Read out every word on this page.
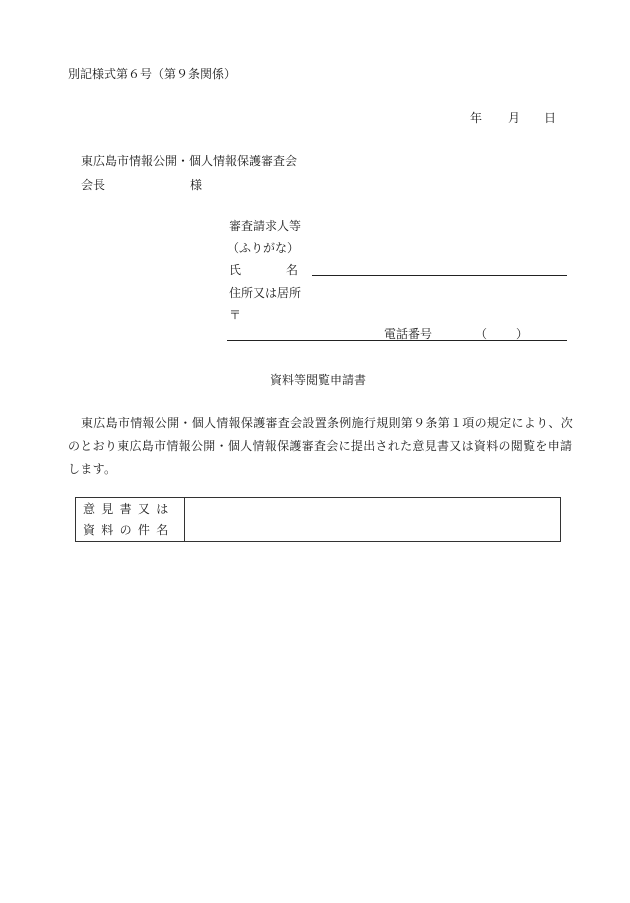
別記様式第６号（第９条関係）
年 月 日
東広島市情報公開・個人情報保護審査会
会長	様
審査請求人等
（ふりがな）
氏	名
住所又は居所
〒
電話番号	（ ）
資料等閲覧申請書
東広島市情報公開・個人情報保護審査会設置条例施行規則第９条第１項の規定により、次のとおり東広島市情報公開・個人情報保護審査会に提出された意見書又は資料の閲覧を申請します。
意見書又は
資料の件名
